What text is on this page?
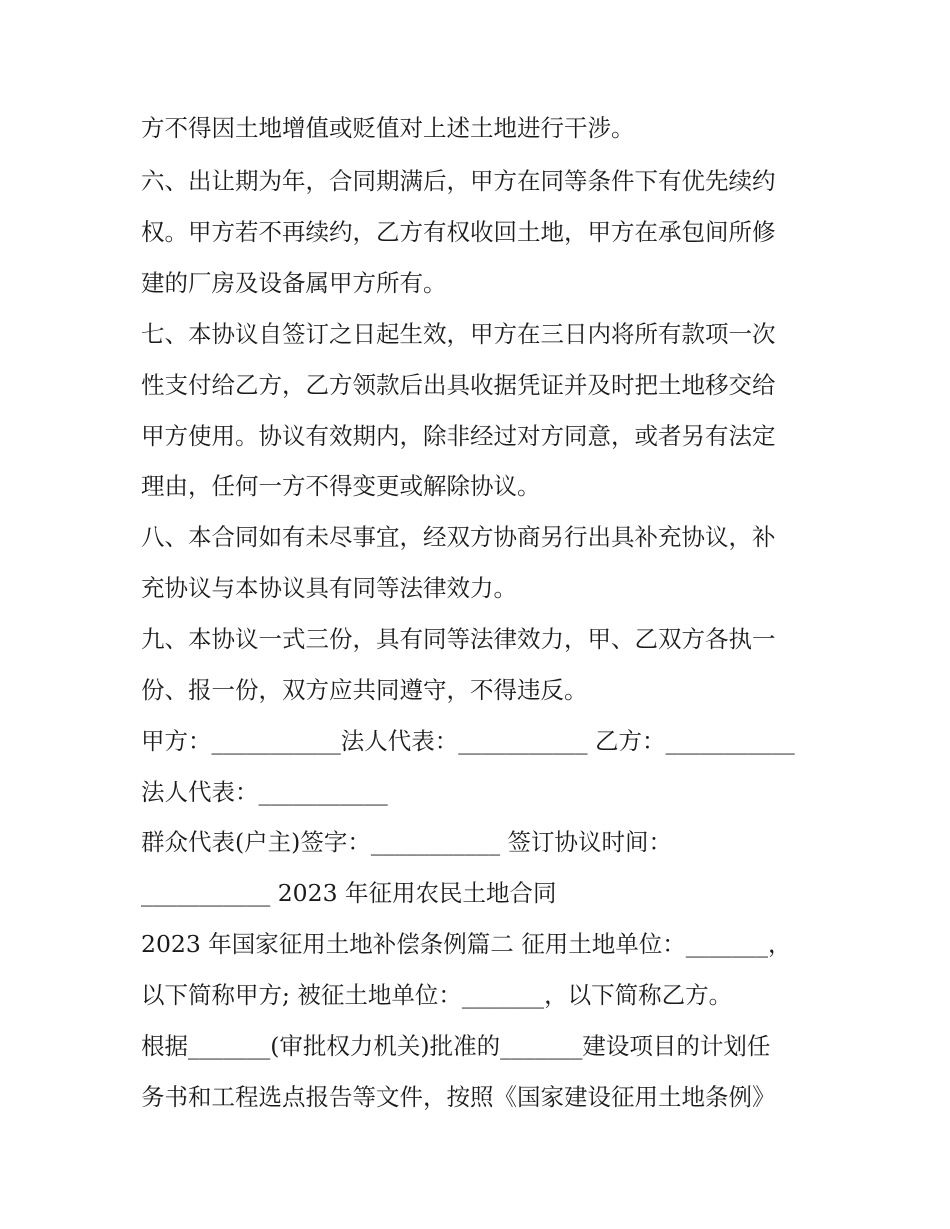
方不得因土地增值或贬值对上述土地进行干涉。
六、出让期为年，合同期满后，甲方在同等条件下有优先续约
权。甲方若不再续约，乙方有权收回土地，甲方在承包间所修
建的厂房及设备属甲方所有。
七、本协议自签订之日起生效，甲方在三日内将所有款项一次
性支付给乙方，乙方领款后出具收据凭证并及时把土地移交给
甲方使用。协议有效期内，除非经过对方同意，或者另有法定
理由，任何一方不得变更或解除协议。
八、本合同如有未尽事宜，经双方协商另行出具补充协议，补
充协议与本协议具有同等法律效力。
九、本协议一式三份，具有同等法律效力，甲、乙双方各执一
份、报一份，双方应共同遵守，不得违反。
甲方：___________法人代表：___________ 乙方：___________
法人代表：___________
群众代表(户主)签字：___________ 签订协议时间：
___________ 2023 年征用农民土地合同
2023 年国家征用土地补偿条例篇二 征用土地单位：_______，
以下简称甲方; 被征土地单位：_______，以下简称乙方。
根据_______(审批权力机关)批准的_______建设项目的计划任
务书和工程选点报告等文件，按照《国家建设征用土地条例》
